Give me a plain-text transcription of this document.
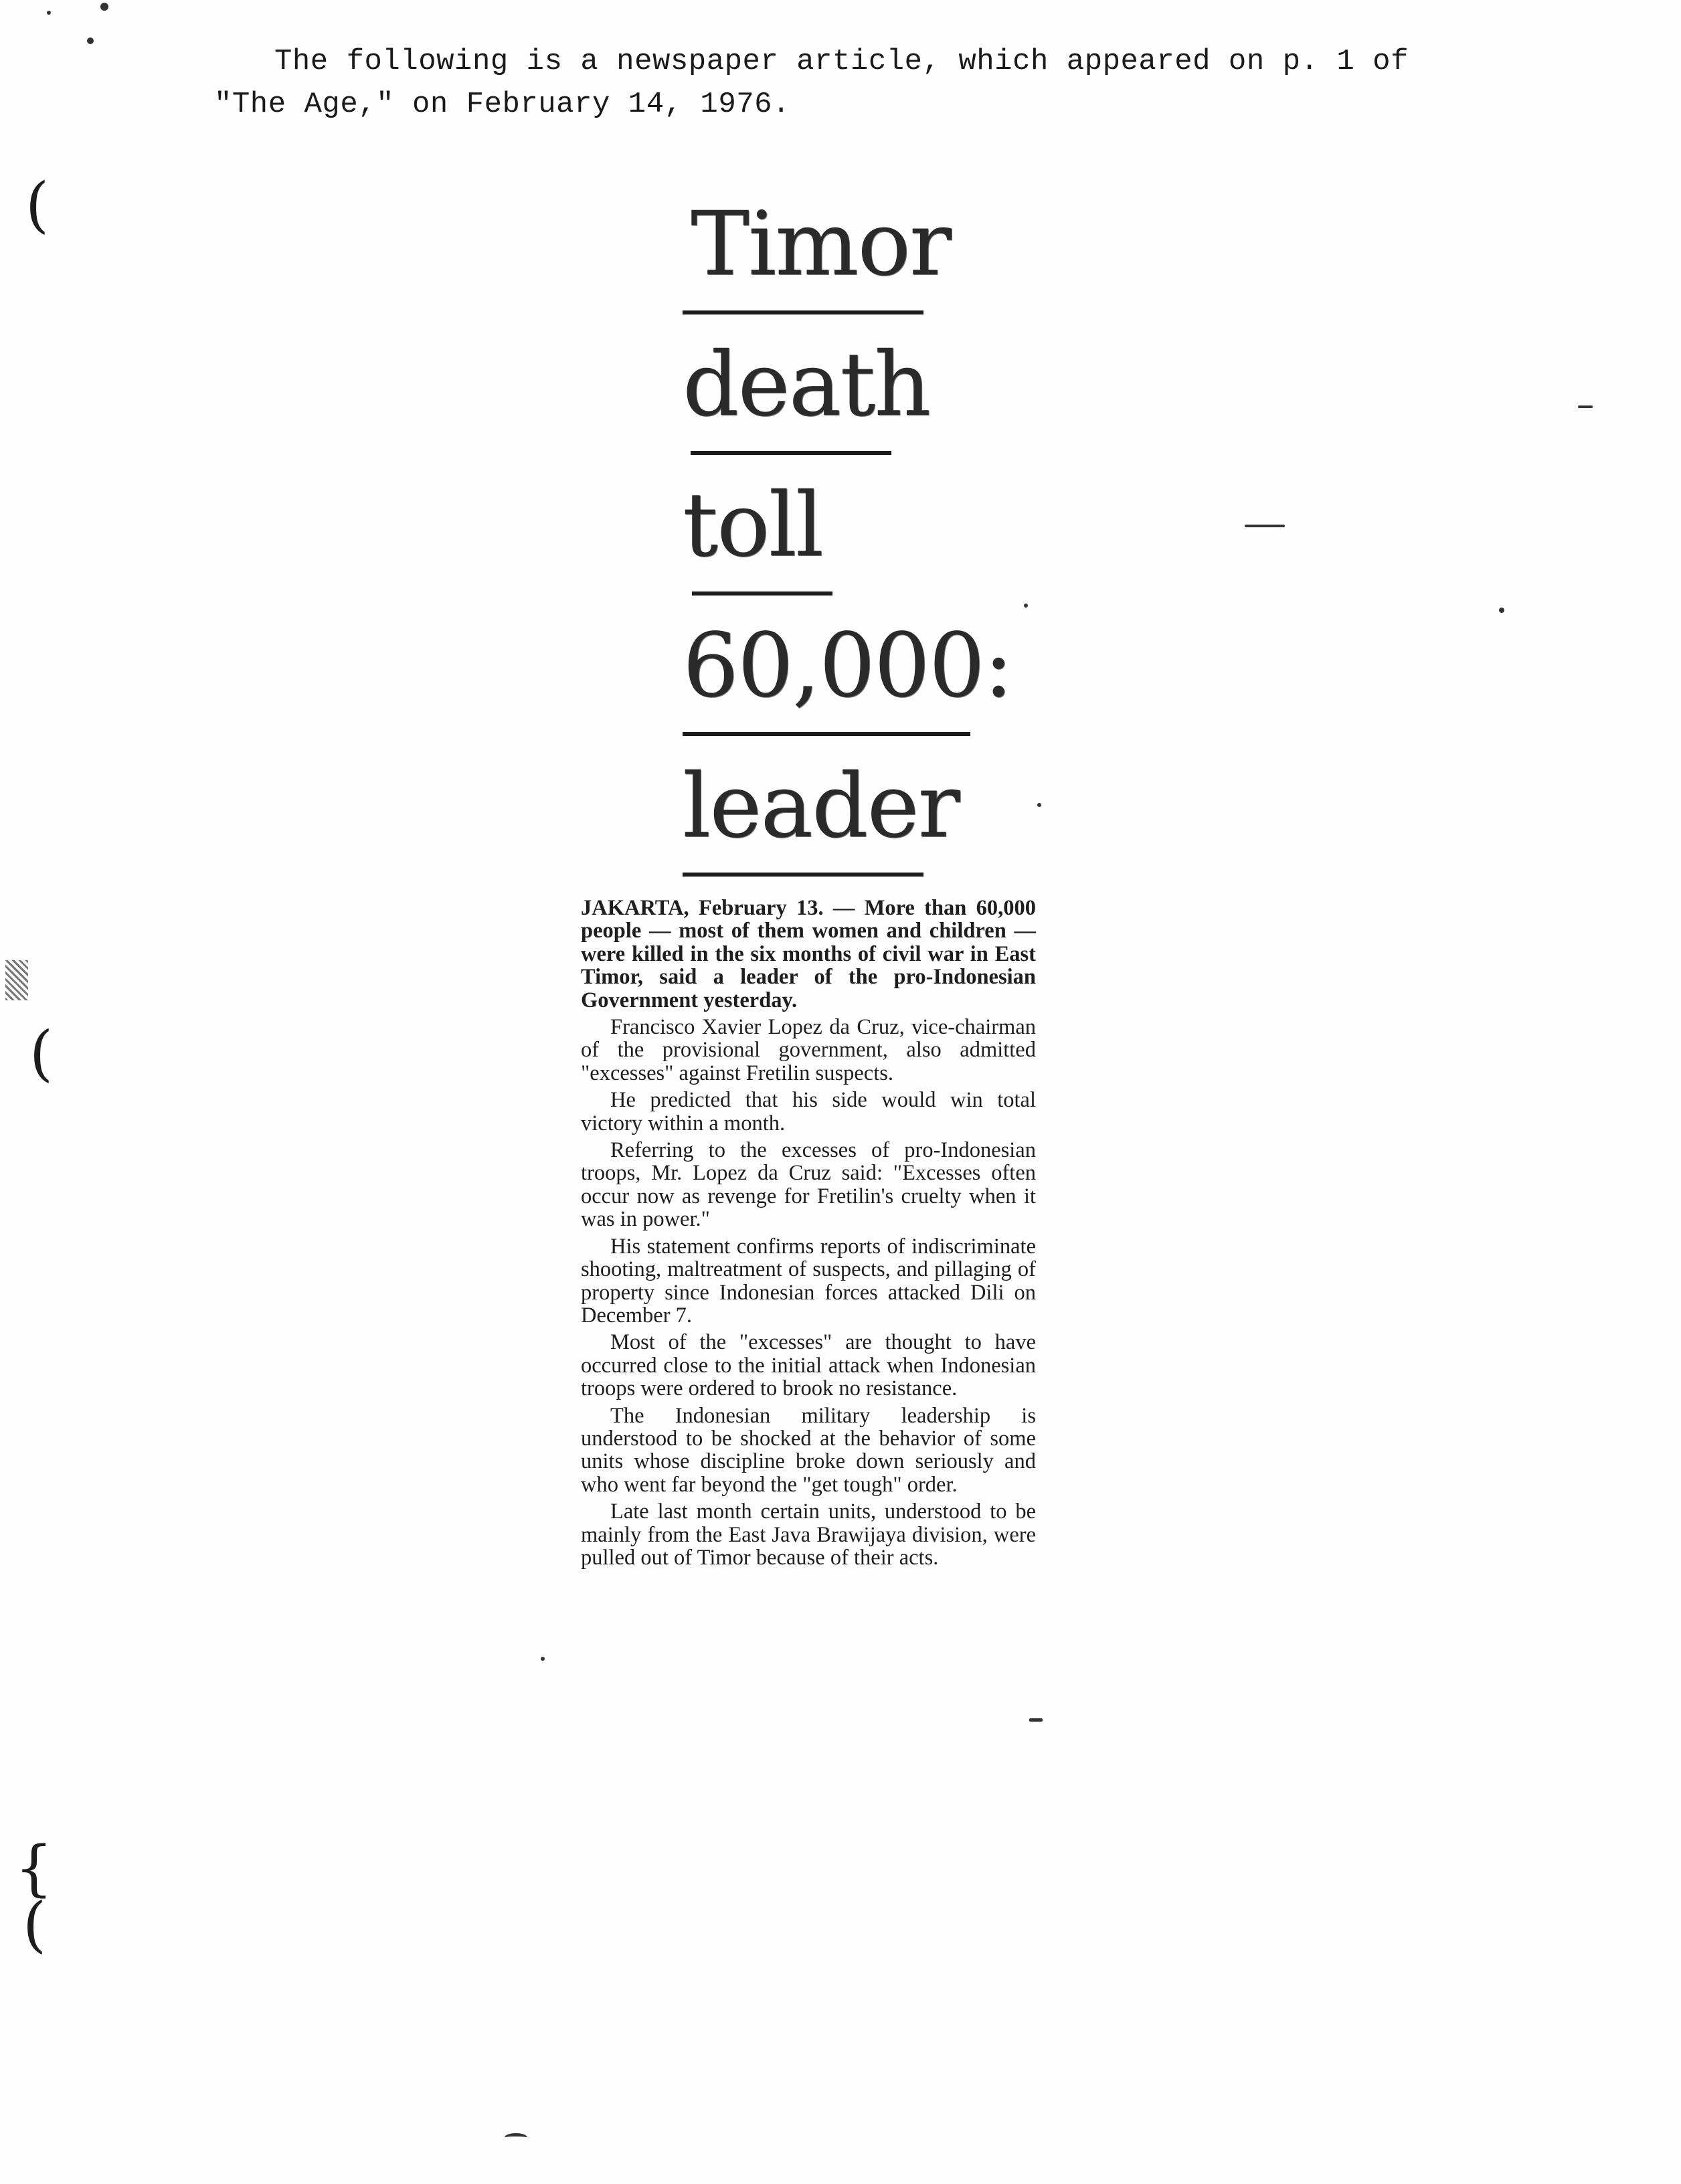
(
(
{
(
The following is a newspaper article, which appeared on p. 1 of
"The Age," on February 14, 1976.
Timor
death
toll
60,000:
leader

JAKARTA, February 13. — More than 60,000 people — most of them women and children — were killed in the six months of civil war in East Timor, said a leader of the pro-Indonesian Government yesterday.

Francisco Xavier Lopez da Cruz, vice-chairman of the provisional government, also admitted "excesses" against Fretilin suspects.

He predicted that his side would win total victory within a month.

Referring to the excesses of pro-Indonesian troops, Mr. Lopez da Cruz said: "Excesses often occur now as revenge for Fretilin's cruelty when it was in power."

His statement confirms reports of indiscriminate shooting, maltreatment of suspects, and pillaging of property since Indonesian forces attacked Dili on December 7.

Most of the "excesses" are thought to have occurred close to the initial attack when Indonesian troops were ordered to brook no resistance.

The Indonesian military leadership is understood to be shocked at the behavior of some units whose discipline broke down seriously and who went far beyond the "get tough" order.

Late last month certain units, understood to be mainly from the East Java Brawijaya division, were pulled out of Timor because of their acts.
